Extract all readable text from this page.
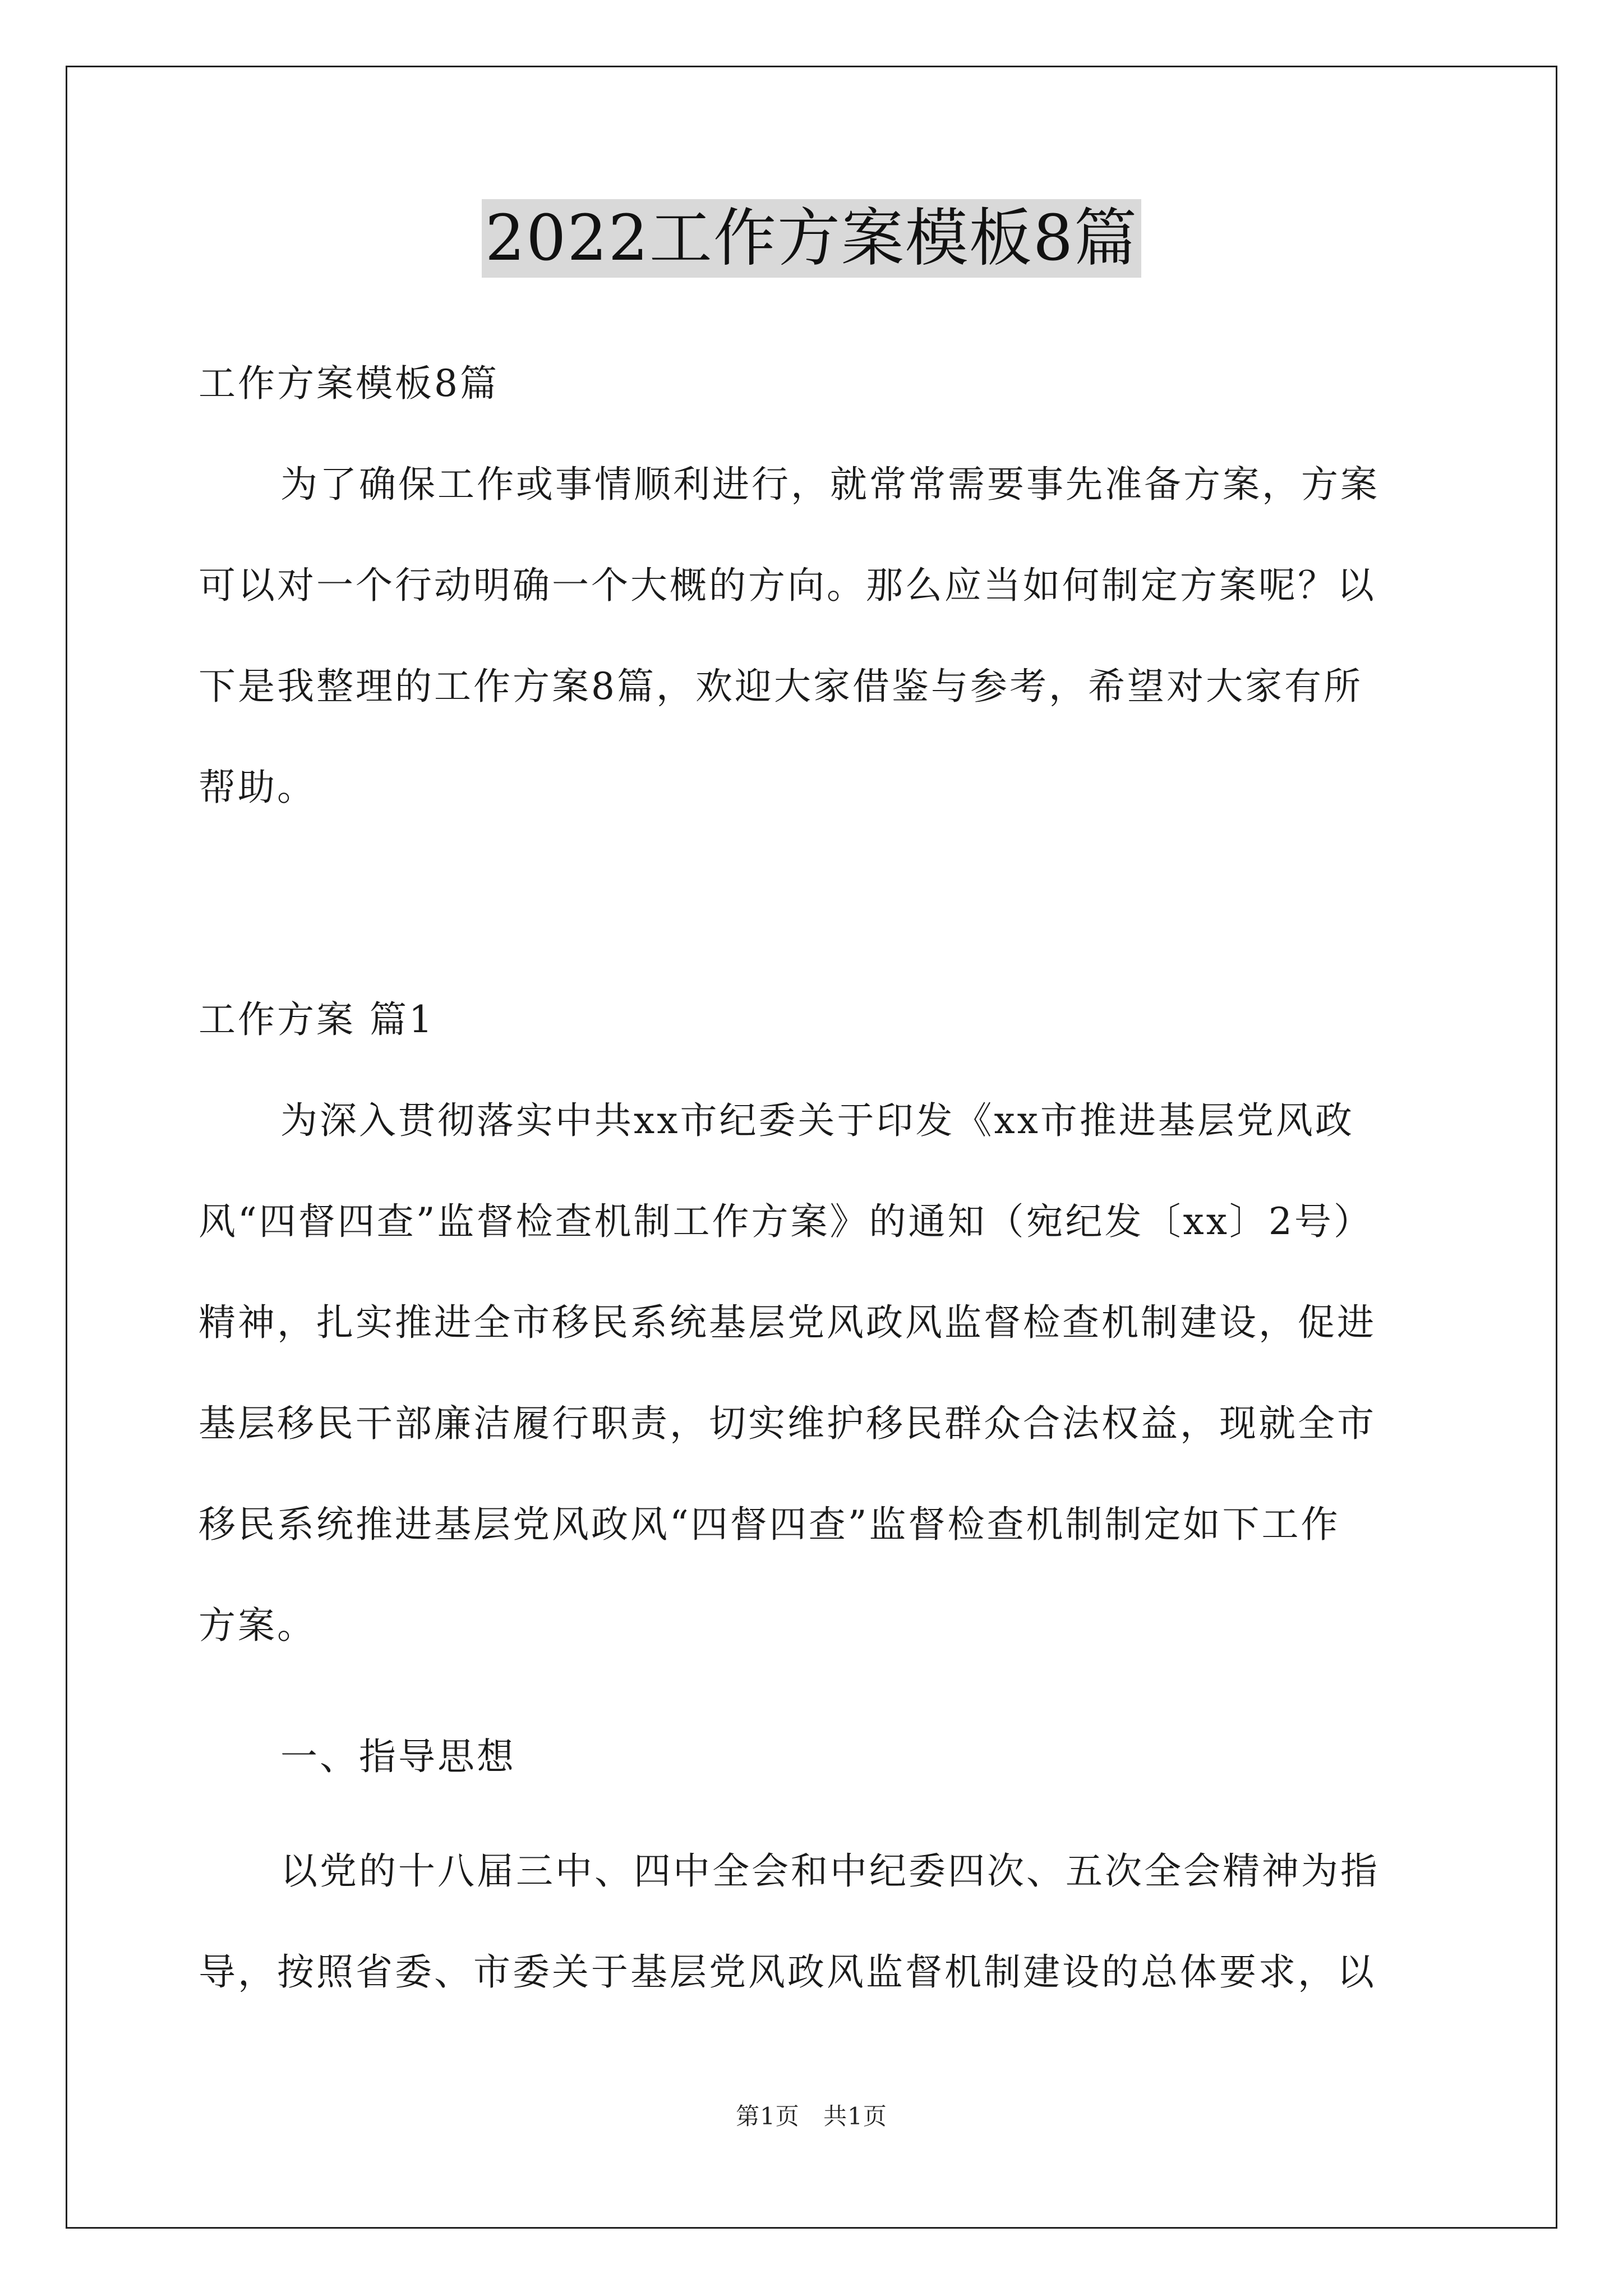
2022工作方案模板8篇
工作方案模板8篇
为了确保工作或事情顺利进行，就常常需要事先准备方案，方案
可以对一个行动明确一个大概的方向。那么应当如何制定方案呢？以
下是我整理的工作方案8篇，欢迎大家借鉴与参考，希望对大家有所
帮助。
工作方案 篇1
为深入贯彻落实中共xx市纪委关于印发《xx市推进基层党风政
风“四督四查”监督检查机制工作方案》的通知（宛纪发〔xx〕2号）
精神，扎实推进全市移民系统基层党风政风监督检查机制建设，促进
基层移民干部廉洁履行职责，切实维护移民群众合法权益，现就全市
移民系统推进基层党风政风“四督四查”监督检查机制制定如下工作
方案。
一、指导思想
以党的十八届三中、四中全会和中纪委四次、五次全会精神为指
导，按照省委、市委关于基层党风政风监督机制建设的总体要求，以
第1页 共1页
